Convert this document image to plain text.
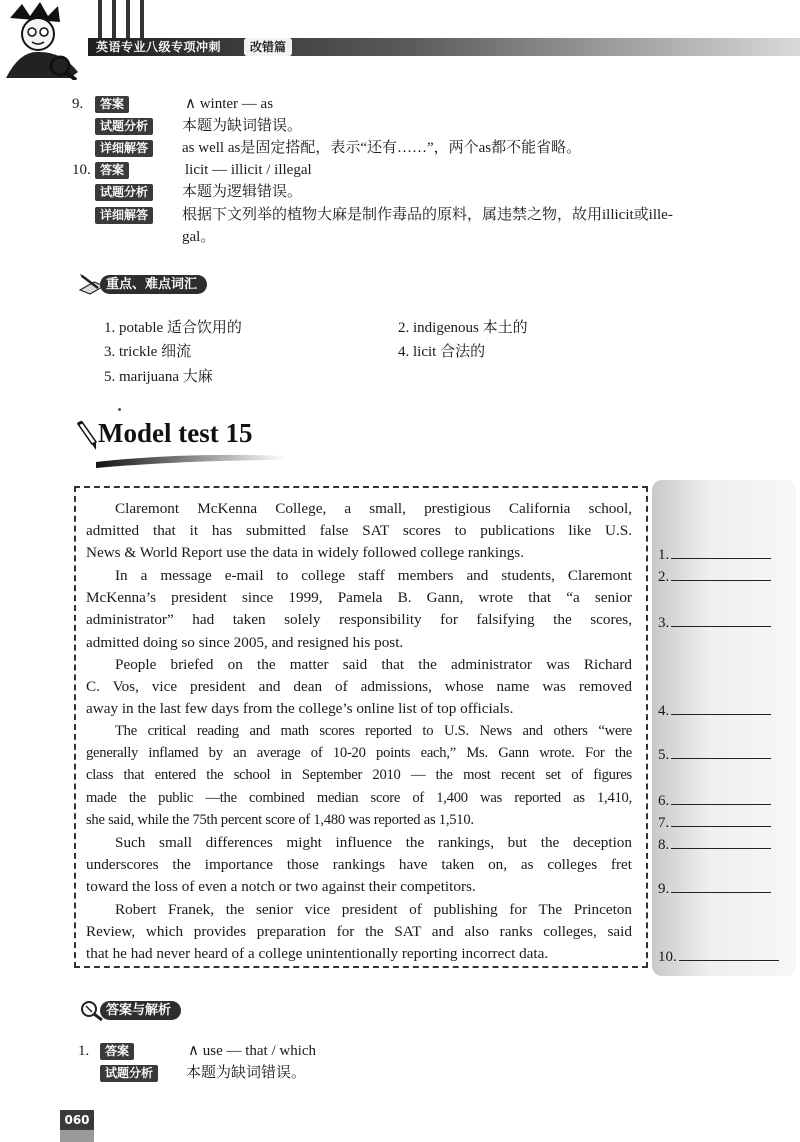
英语专业八级专项冲刺	改错篇
9.	答案	∧ winter — as
试题分析	本题为缺词错误。
详细解答	as well as是固定搭配，表示“还有……”，两个as都不能省略。
10. 答案	licit — illicit / illegal
试题分析	本题为逻辑错误。
详细解答	根据下文列举的植物大麻是制作毒品的原料，属违禁之物，故用illicit或ille-
gal。
重点、难点词汇
1. potable 适合饮用的	2. indigenous 本土的
3. trickle 细流	4. licit 合法的
5. marijuana 大麻
Model test 15
Claremont McKenna College, a small, prestigious California school,
admitted that it has submitted false SAT scores to publications like U.S.
News & World Report use the data in widely followed college rankings.
In a message e-mail to college staff members and students, Claremont
McKenna’s president since 1999, Pamela B. Gann, wrote that “a senior
administrator” had taken solely responsibility for falsifying the scores,
admitted doing so since 2005, and resigned his post.
People briefed on the matter said that the administrator was Richard
C. Vos, vice president and dean of admissions, whose name was removed
away in the last few days from the college’s online list of top officials.
The critical reading and math scores reported to U.S. News and others “were
generally inflamed by an average of 10-20 points each,” Ms. Gann wrote. For the
class that entered the school in September 2010 — the most recent set of figures
made the public —the combined median score of 1,400 was reported as 1,410,
she said, while the 75th percent score of 1,480 was reported as 1,510.
Such small differences might influence the rankings, but the deception
underscores the importance those rankings have taken on, as colleges fret
toward the loss of even a notch or two against their competitors.
Robert Franek, the senior vice president of publishing for The Princeton
Review, which provides preparation for the SAT and also ranks colleges, said
that he had never heard of a college unintentionally reporting incorrect data.
1.
2.
3.
4.
5.
6.
7.
8.
9.
10.
答案与解析
1.	答案	∧ use — that / which
试题分析	本题为缺词错误。
060
